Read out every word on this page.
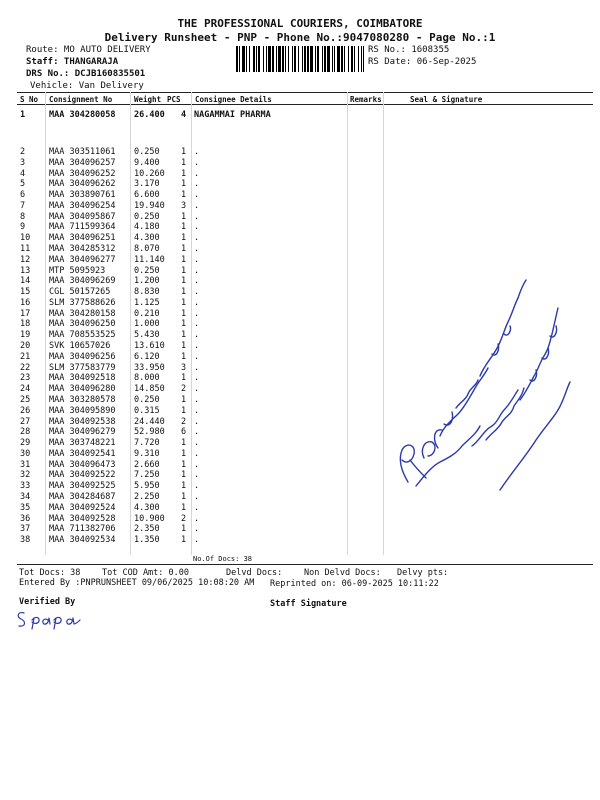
THE PROFESSIONAL COURIERS, COIMBATORE
Delivery Runsheet - PNP - Phone No.:9047080280 - Page No.:1
Route: MO AUTO DELIVERY
Staff: THANGARAJA
DRS No.: DCJB160835501
Vehicle: Van Delivery
RS No.: 1608355
RS Date: 06-Sep-2025
S No Consignment No	Weight PCS Consignee Details	Remarks	Seal & Signature
1	MAA 304280058 26.400 4 NAGAMMAI PHARMA
2	MAA 303511061 0.250	1 .
3	MAA 304096257 9.400	1 .
4	MAA 304096252 10.260 1 .
5	MAA 304096262 3.170	1 .
6	MAA 303890761 6.600	1 .
7	MAA 304096254 19.940 3 .
8	MAA 304095867 0.250	1 .
9	MAA 711599364 4.180	1 .
10 MAA 304096251 4.300	1 .
11 MAA 304285312 8.070	1 .
12 MAA 304096277 11.140 1 .
13 MTP 5095923	0.250	1 .
14 MAA 304096269 1.200	1 .
15 CGL 50157265	8.830	1 .
16 SLM 377588626 1.125	1 .
17 MAA 304280158 0.210	1 .
18 MAA 304096250 1.000	1 .
19 MAA 708553525 5.430	1 .
20 SVK 10657026	13.610 1 .
21 MAA 304096256 6.120	1 .
22 SLM 377583779 33.950 3 .
23 MAA 304092518 8.000	1 .
24 MAA 304096280 14.850 2 .
25 MAA 303280578 0.250	1 .
26 MAA 304095890 0.315	1 .
27 MAA 304092538 24.440 2 .
28 MAA 304096279 52.980 6 .
29 MAA 303748221 7.720	1 .
30 MAA 304092541 9.310	1 .
31 MAA 304096473 2.660	1 .
32 MAA 304092522 7.250	1 .
33 MAA 304092525 5.950	1 .
34 MAA 304284687 2.250	1 .
35 MAA 304092524 4.300	1 .
36 MAA 304092528 10.900 2 .
37 MAA 711382706 2.350	1 .
38 MAA 304092534 1.350	1 .
No.Of Docs: 38
Tot Docs: 38	Tot COD Amt: 0.00	Delvd Docs:	Non Delvd Docs: Delvy pts:
Entered By :PNPRUNSHEET 09/06/2025 10:08:20 AM Reprinted on: 06-09-2025 10:11:22
Verified By	Staff Signature
